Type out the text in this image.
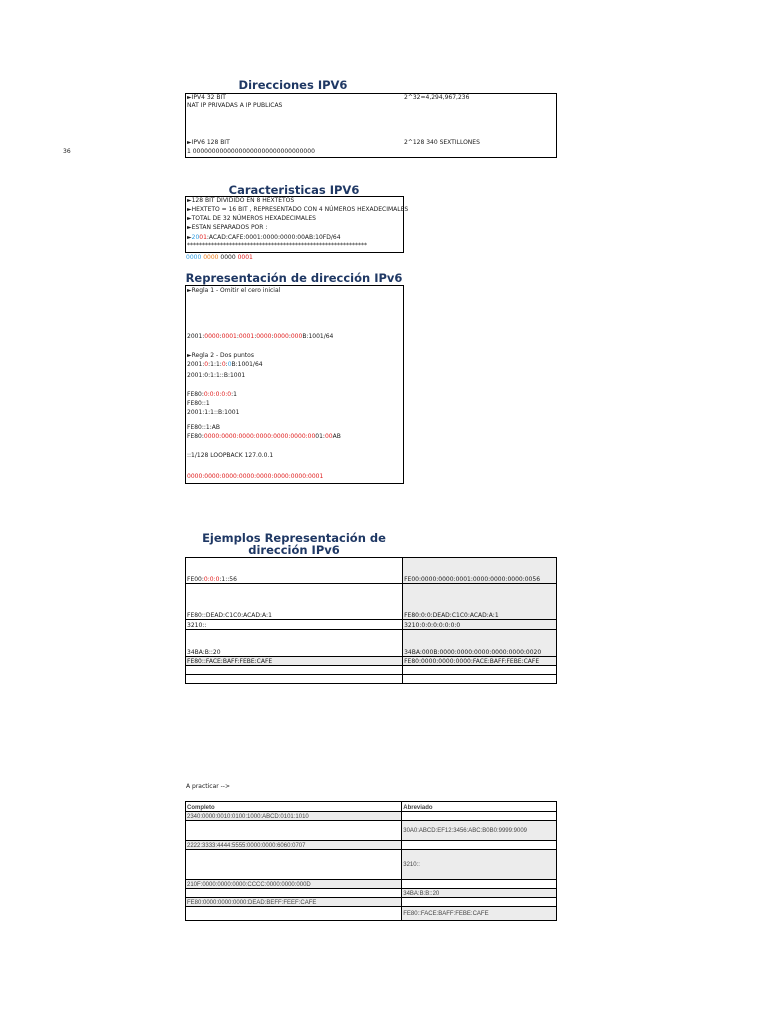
36
Direcciones IPV6
►IPV4 32 BIT	2^32=4,294,967,236
NAT IP PRIVADAS A IP PUBLICAS
►IPV6 128 BIT	2^128 340 SEXTILLONES
1 00000000000000000000000000000000
Caracteristicas IPV6
►128 BIT DIVIDIDO EN 8 HEXTETOS
►HEXTETO = 16 BIT , REPRESENTADO CON 4 NÚMEROS HEXADECIMALES
►TOTAL DE 32 NÚMEROS HEXADECIMALES
►ESTAN SEPARADOS POR :
►2001:ACAD:CAFE:0001:0000:0000:00AB:10FD/64
************************************************************
0000 0000 0000 0001
Representación de dirección IPv6
►Regla 1 - Omitir el cero inicial
2001:0000:0001:0001:0000:0000:000B:1001/64
►Regla 2 - Dos puntos
2001:0:1:1:0:0B:1001/64
2001:0:1:1::B:1001
FE80:0:0:0:0:0:1
FE80::1
2001:1:1::B:1001
FE80::1:AB
FE80:0000:0000:0000:0000:0000:0000:0001:00AB
::1/128 LOOPBACK 127.0.0.1
0000:0000:0000:0000:0000:0000:0000:0001
Ejemplos Representación de
dirección IPv6
FE00:0:0:0:1::56	FE00:0000:0000:0001:0000:0000:0000:0056
FE80::DEAD:C1C0:ACAD:A:1	FE80:0:0:DEAD:C1C0:ACAD:A:1
3210::	3210:0:0:0:0:0:0:0
34BA:B::20	34BA:000B:0000:0000:0000:0000:0000:0020
FE80::FACE:BAFF:FEBE:CAFE	FE80:0000:0000:0000:FACE:BAFF:FEBE:CAFE

A practicar -->
Completo	Abreviado
2340:0000:0010:0100:1000:ABCD:0101:1010	
	30A0:ABCD:EF12:3456:ABC:B0B0:9999:9009
2222:3333:4444:5555:0000:0000:6060:0707	
	3210::
210F:0000:0000:0000:CCCC:0000:0000:000D	
	34BA:B:B::20
FE80:0000:0000:0000:DEAD:BEFF:FEEF:CAFE	
	FE80::FACE:BAFF:FEBE:CAFE
